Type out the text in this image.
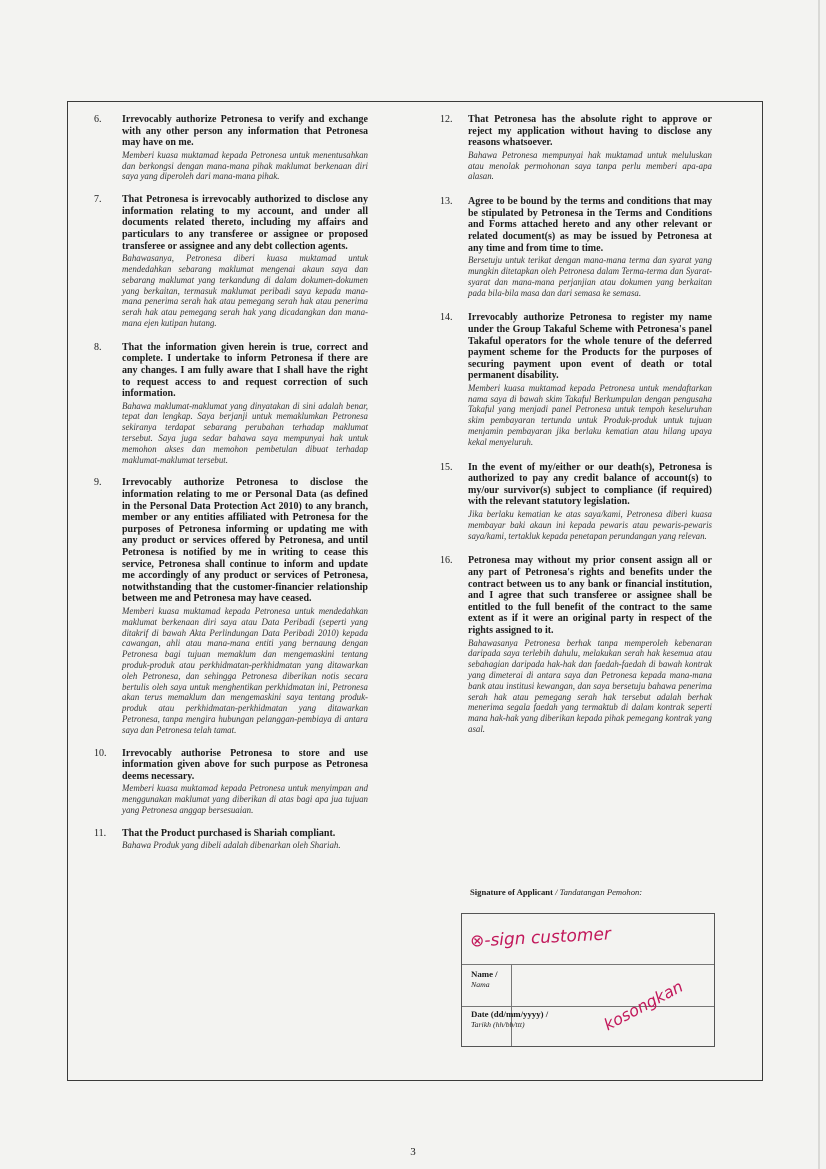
6. Irrevocably authorize Petronesa to verify and exchange with any other person any information that Petronesa may have on me.

Memberi kuasa muktamad kepada Petronesa untuk menentusahkan dan berkongsi dengan mana-mana pihak maklumat berkenaan diri saya yang diperoleh dari mana-mana pihak.

7. That Petronesa is irrevocably authorized to disclose any information relating to my account, and under all documents related thereto, including my affairs and particulars to any transferee or assignee or proposed transferee or assignee and any debt collection agents.

Bahawasanya, Petronesa diberi kuasa muktamad untuk mendedahkan sebarang maklumat mengenai akaun saya dan sebarang maklumat yang terkandung di dalam dokumen-dokumen yang berkaitan, termasuk maklumat peribadi saya kepada mana-mana penerima serah hak atau pemegang serah hak atau penerima serah hak atau pemegang serah hak yang dicadangkan dan mana-mana ejen kutipan hutang.

8. That the information given herein is true, correct and complete. I undertake to inform Petronesa if there are any changes. I am fully aware that I shall have the right to request access to and request correction of such information.

Bahawa maklumat-maklumat yang dinyatakan di sini adalah benar, tepat dan lengkap. Saya berjanji untuk memaklumkan Petronesa sekiranya terdapat sebarang perubahan terhadap maklumat tersebut. Saya juga sedar bahawa saya mempunyai hak untuk memohon akses dan memohon pembetulan dibuat terhadap maklumat-maklumat tersebut.

9. Irrevocably authorize Petronesa to disclose the information relating to me or Personal Data (as defined in the Personal Data Protection Act 2010) to any branch, member or any entities affiliated with Petronesa for the purposes of Petronesa informing or updating me with any product or services offered by Petronesa, and until Petronesa is notified by me in writing to cease this service, Petronesa shall continue to inform and update me accordingly of any product or services of Petronesa, notwithstanding that the customer-financier relationship between me and Petronesa may have ceased.

Memberi kuasa muktamad kepada Petronesa untuk mendedahkan maklumat berkenaan diri saya atau Data Peribadi (seperti yang ditakrif di bawah Akta Perlindungan Data Peribadi 2010) kepada cawangan, ahli atau mana-mana entiti yang bernaung dengan Petronesa bagi tujuan memaklum dan mengemaskini tentang produk-produk atau perkhidmatan-perkhidmatan yang ditawarkan oleh Petronesa, dan sehingga Petronesa diberikan notis secara bertulis oleh saya untuk menghentikan perkhidmatan ini, Petronesa akan terus memaklum dan mengemaskini saya tentang produk-produk atau perkhidmatan-perkhidmatan yang ditawarkan Petronesa, tanpa mengira hubungan pelanggan-pembiaya di antara saya dan Petronesa telah tamat.

10. Irrevocably authorise Petronesa to store and use information given above for such purpose as Petronesa deems necessary.

Memberi kuasa muktamad kepada Petronesa untuk menyimpan and menggunakan maklumat yang diberikan di atas bagi apa jua tujuan yang Petronesa anggap bersesuaian.

11. That the Product purchased is Shariah compliant.

Bahawa Produk yang dibeli adalah dibenarkan oleh Shariah.

12. That Petronesa has the absolute right to approve or reject my application without having to disclose any reasons whatsoever.

Bahawa Petronesa mempunyai hak muktamad untuk meluluskan atau menolak permohonan saya tanpa perlu memberi apa-apa alasan.

13. Agree to be bound by the terms and conditions that may be stipulated by Petronesa in the Terms and Conditions and Forms attached hereto and any other relevant or related document(s) as may be issued by Petronesa at any time and from time to time.

Bersetuju untuk terikat dengan mana-mana terma dan syarat yang mungkin ditetapkan oleh Petronesa dalam Terma-terma dan Syarat-syarat dan mana-mana perjanjian atau dokumen yang berkaitan pada bila-bila masa dan dari semasa ke semasa.

14. Irrevocably authorize Petronesa to register my name under the Group Takaful Scheme with Petronesa's panel Takaful operators for the whole tenure of the deferred payment scheme for the Products for the purposes of securing payment upon event of death or total permanent disability.

Memberi kuasa muktamad kepada Petronesa untuk mendaftarkan nama saya di bawah skim Takaful Berkumpulan dengan pengusaha Takaful yang menjadi panel Petronesa untuk tempoh keseluruhan skim pembayaran tertunda untuk Produk-produk untuk tujuan menjamin pembayaran jika berlaku kematian atau hilang upaya kekal menyeluruh.

15. In the event of my/either or our death(s), Petronesa is authorized to pay any credit balance of account(s) to my/our survivor(s) subject to compliance (if required) with the relevant statutory legislation.

Jika berlaku kematian ke atas saya/kami, Petronesa diberi kuasa membayar baki akaun ini kepada pewaris atau pewaris-pewaris saya/kami, tertakluk kepada penetapan perundangan yang relevan.

16. Petronesa may without my prior consent assign all or any part of Petronesa's rights and benefits under the contract between us to any bank or financial institution, and I agree that such transferee or assignee shall be entitled to the full benefit of the contract to the same extent as if it were an original party in respect of the rights assigned to it.

Bahawasanya Petronesa berhak tanpa memperoleh kebenaran daripada saya terlebih dahulu, melakukan serah hak kesemua atau sebahagian daripada hak-hak dan faedah-faedah di bawah kontrak yang dimeterai di antara saya dan Petronesa kepada mana-mana bank atau institusi kewangan, dan saya bersetuju bahawa penerima serah hak atau pemegang serah hak tersebut adalah berhak menerima segala faedah yang termaktub di dalam kontrak seperti mana hak-hak yang diberikan kepada pihak pemegang kontrak yang asal.

Signature of Applicant / Tandatangan Pemohon:
Name /
Nama
Date (dd/mm/yyyy) /
Tarikh (hh/bb/ttt)
⊗-sign customer
kosongkan
3
